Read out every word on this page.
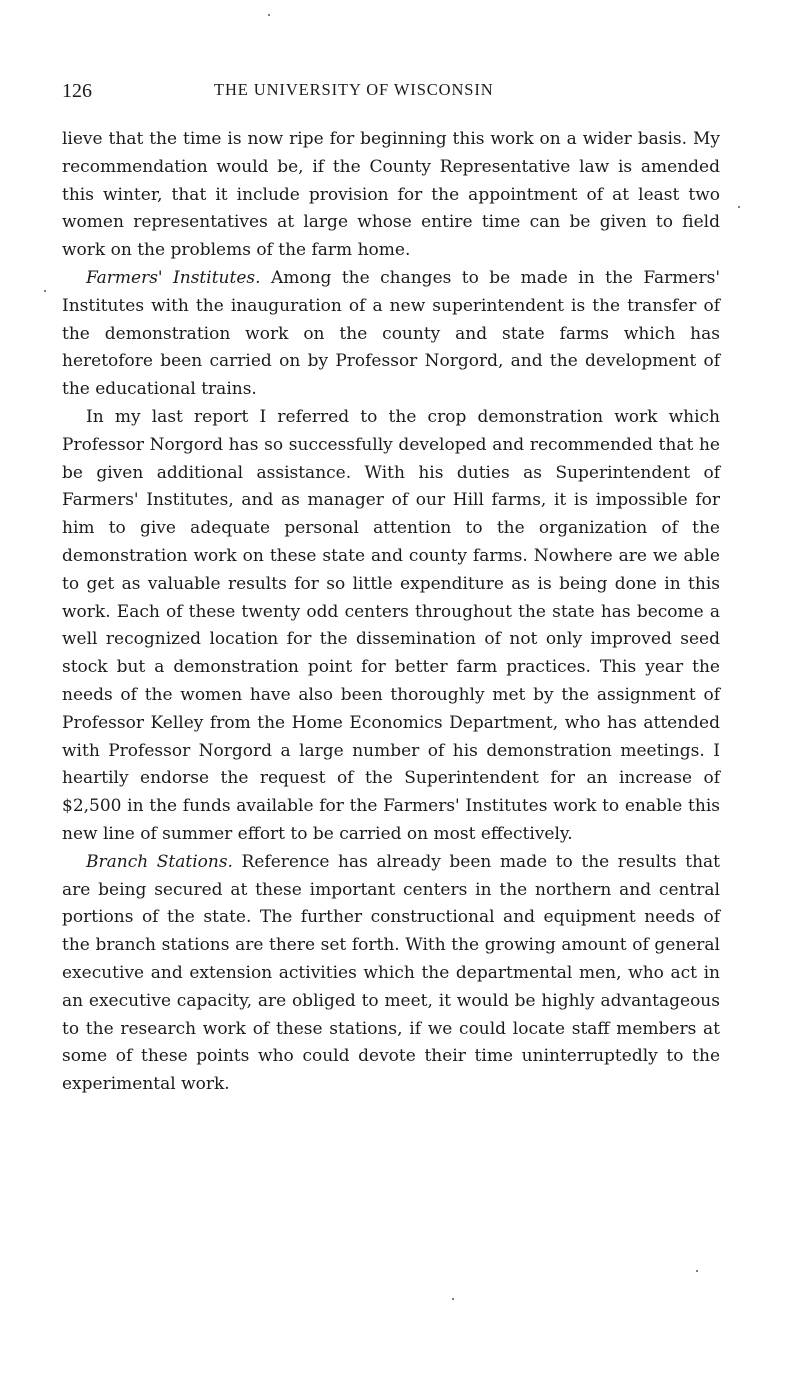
126	THE UNIVERSITY OF WISCONSIN

lieve that the time is now ripe for beginning this work on a wider basis. My recommendation would be, if the County Representative law is amended this winter, that it include provision for the appointment of at least two women representatives at large whose entire time can be given to field work on the problems of the farm home.

Farmers' Institutes. Among the changes to be made in the Farmers' Institutes with the inauguration of a new superintendent is the transfer of the demonstration work on the county and state farms which has heretofore been carried on by Professor Norgord, and the development of the educational trains.

In my last report I referred to the crop demonstration work which Professor Norgord has so successfully developed and recommended that he be given additional assistance. With his duties as Superintendent of Farmers' Institutes, and as manager of our Hill farms, it is impossible for him to give adequate personal attention to the organization of the demonstration work on these state and county farms. Nowhere are we able to get as valuable results for so little expenditure as is being done in this work. Each of these twenty odd centers throughout the state has become a well recognized location for the dissemination of not only improved seed stock but a demonstration point for better farm practices. This year the needs of the women have also been thoroughly met by the assignment of Professor Kelley from the Home Economics Department, who has attended with Professor Norgord a large number of his demonstration meetings. I heartily endorse the request of the Superintendent for an increase of $2,500 in the funds available for the Farmers' Institutes work to enable this new line of summer effort to be carried on most effectively.

Branch Stations. Reference has already been made to the results that are being secured at these important centers in the northern and central portions of the state. The further constructional and equipment needs of the branch stations are there set forth. With the growing amount of general executive and extension activities which the departmental men, who act in an executive capacity, are obliged to meet, it would be highly advantageous to the research work of these stations, if we could locate staff members at some of these points who could devote their time uninterruptedly to the experimental work.
